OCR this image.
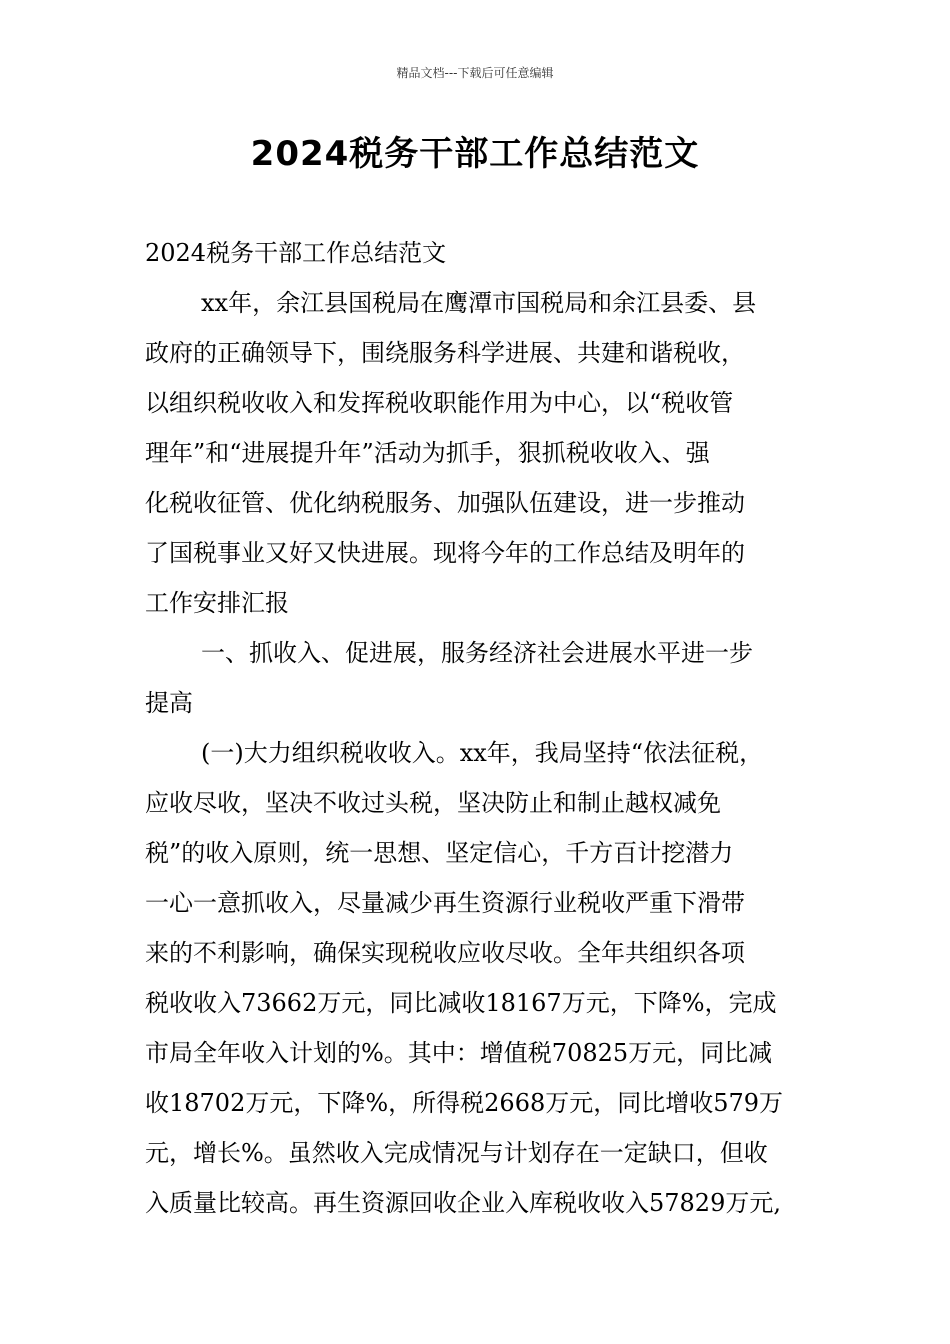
精品文档---下载后可任意编辑
2024税务干部工作总结范文
2024税务干部工作总结范文
xx年，余江县国税局在鹰潭市国税局和余江县委、县
政府的正确领导下，围绕服务科学进展、共建和谐税收，
以组织税收收入和发挥税收职能作用为中心，以“税收管
理年”和“进展提升年”活动为抓手，狠抓税收收入、强
化税收征管、优化纳税服务、加强队伍建设，进一步推动
了国税事业又好又快进展。现将今年的工作总结及明年的
工作安排汇报
一、抓收入、促进展，服务经济社会进展水平进一步
提高
(一)大力组织税收收入。xx年，我局坚持“依法征税，
应收尽收，坚决不收过头税，坚决防止和制止越权减免
税”的收入原则，统一思想、坚定信心，千方百计挖潜力
一心一意抓收入，尽量减少再生资源行业税收严重下滑带
来的不利影响，确保实现税收应收尽收。全年共组织各项
税收收入73662万元，同比减收18167万元，下降%，完成
市局全年收入计划的%。其中：增值税70825万元，同比减
收18702万元，下降%，所得税2668万元，同比增收579万
元，增长%。虽然收入完成情况与计划存在一定缺口，但收
入质量比较高。再生资源回收企业入库税收收入57829万元,
